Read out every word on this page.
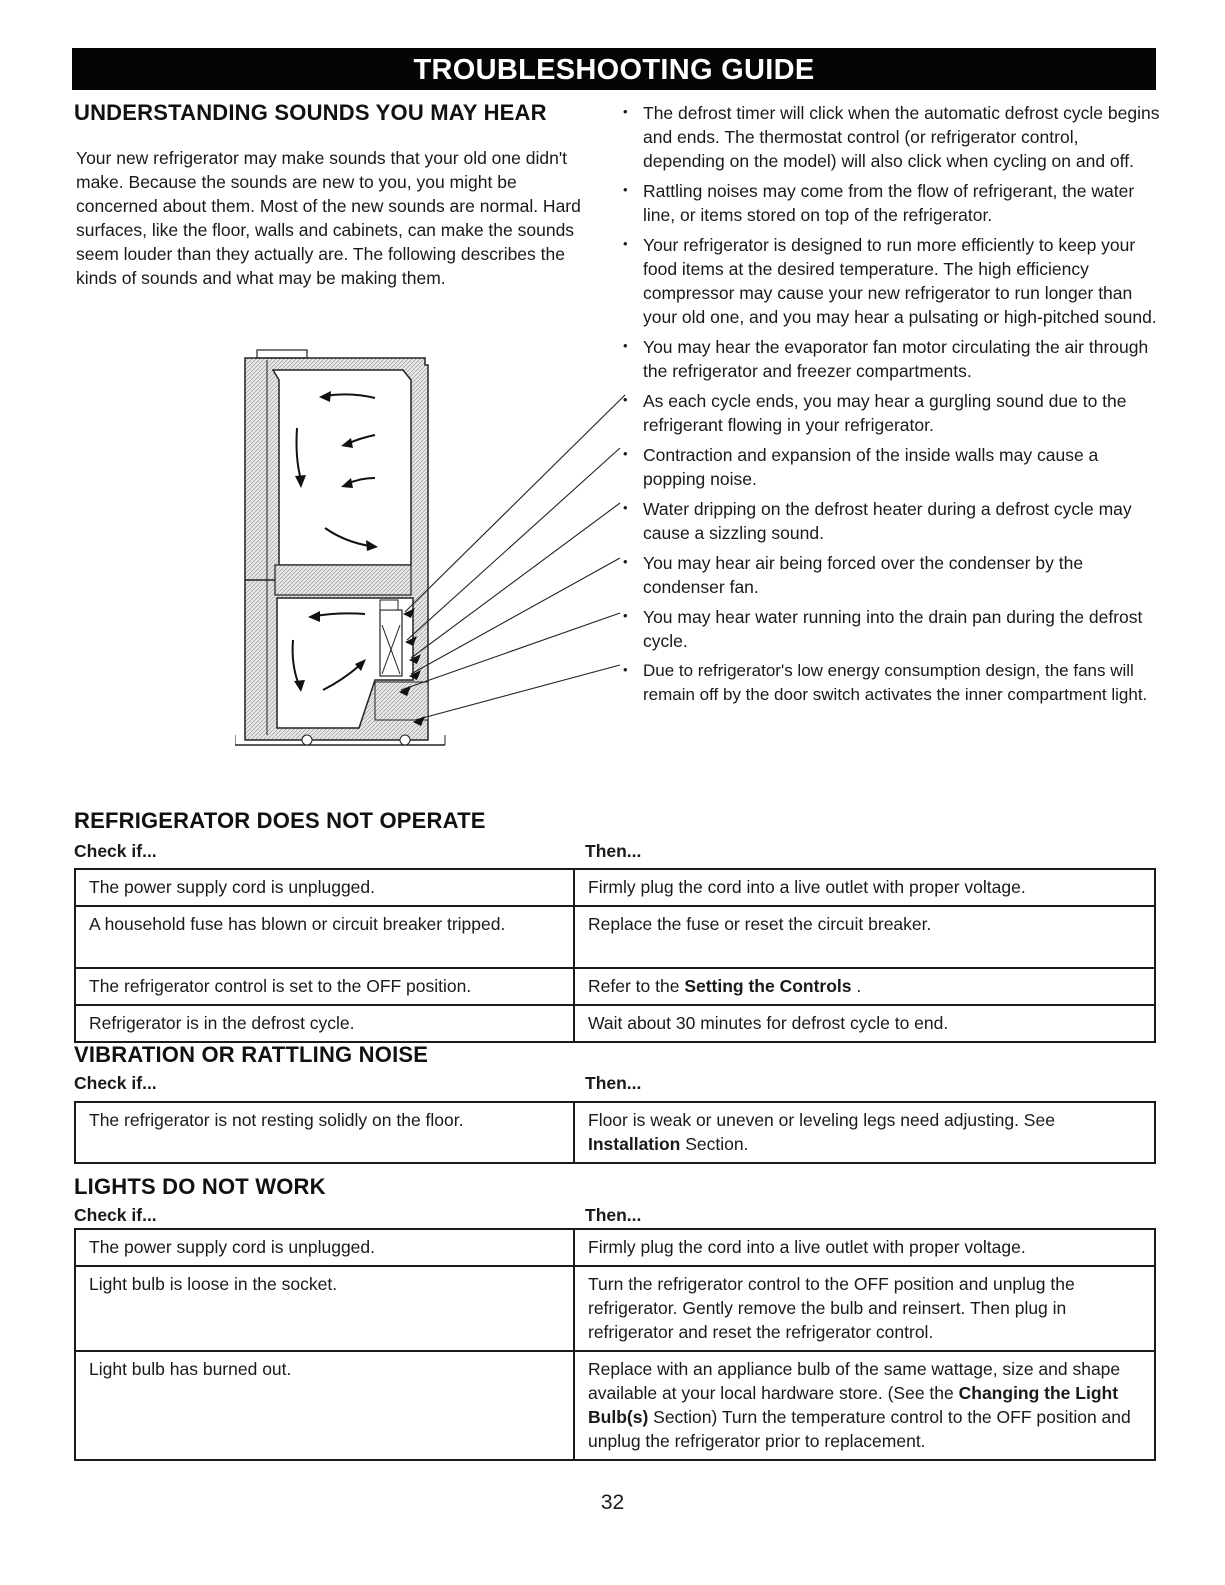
TROUBLESHOOTING GUIDE
UNDERSTANDING SOUNDS YOU MAY HEAR

Your new refrigerator may make sounds that your old one didn't make. Because the sounds are new to you, you might be concerned about them. Most of the new sounds are normal. Hard surfaces, like the floor, walls and cabinets, can make the sounds seem louder than they actually are. The following describes the kinds of sounds and what may be making them.

• The defrost timer will click when the automatic defrost cycle begins and ends. The thermostat control (or refrigerator control, depending on the model) will also click when cycling on and off.
• Rattling noises may come from the flow of refrigerant, the water line, or items stored on top of the refrigerator.
• Your refrigerator is designed to run more efficiently to keep your food items at the desired temperature. The high efficiency compressor may cause your new refrigerator to run longer than your old one, and you may hear a pulsating or high-pitched sound.
• You may hear the evaporator fan motor circulating the air through the refrigerator and freezer compartments.
• As each cycle ends, you may hear a gurgling sound due to the refrigerant flowing in your refrigerator.
• Contraction and expansion of the inside walls may cause a popping noise.
• Water dripping on the defrost heater during a defrost cycle may cause a sizzling sound.
• You may hear air being forced over the condenser by the condenser fan.
• You may hear water running into the drain pan during the defrost cycle.
• Due to refrigerator's low energy consumption design, the fans will remain off by the door switch activates the inner compartment light.
REFRIGERATOR DOES NOT OPERATE
Check if...	Then...
The power supply cord is unplugged.	Firmly plug the cord into a live outlet with proper voltage.
A household fuse has blown or circuit breaker tripped.	Replace the fuse or reset the circuit breaker.
The refrigerator control is set to the OFF position.	Refer to the Setting the Controls .
Refrigerator is in the defrost cycle.	Wait about 30 minutes for defrost cycle to end.
VIBRATION OR RATTLING NOISE
Check if...	Then...
The refrigerator is not resting solidly on the floor.	Floor is weak or uneven or leveling legs need adjusting. See Installation Section.
LIGHTS DO NOT WORK
Check if...	Then...
The power supply cord is unplugged.	Firmly plug the cord into a live outlet with proper voltage.
Light bulb is loose in the socket.	Turn the refrigerator control to the OFF position and unplug the refrigerator. Gently remove the bulb and reinsert. Then plug in refrigerator and reset the refrigerator control.
Light bulb has burned out.	Replace with an appliance bulb of the same wattage, size and shape available at your local hardware store. (See the Changing the Light Bulb(s) Section) Turn the temperature control to the OFF position and unplug the refrigerator prior to replacement.
32
